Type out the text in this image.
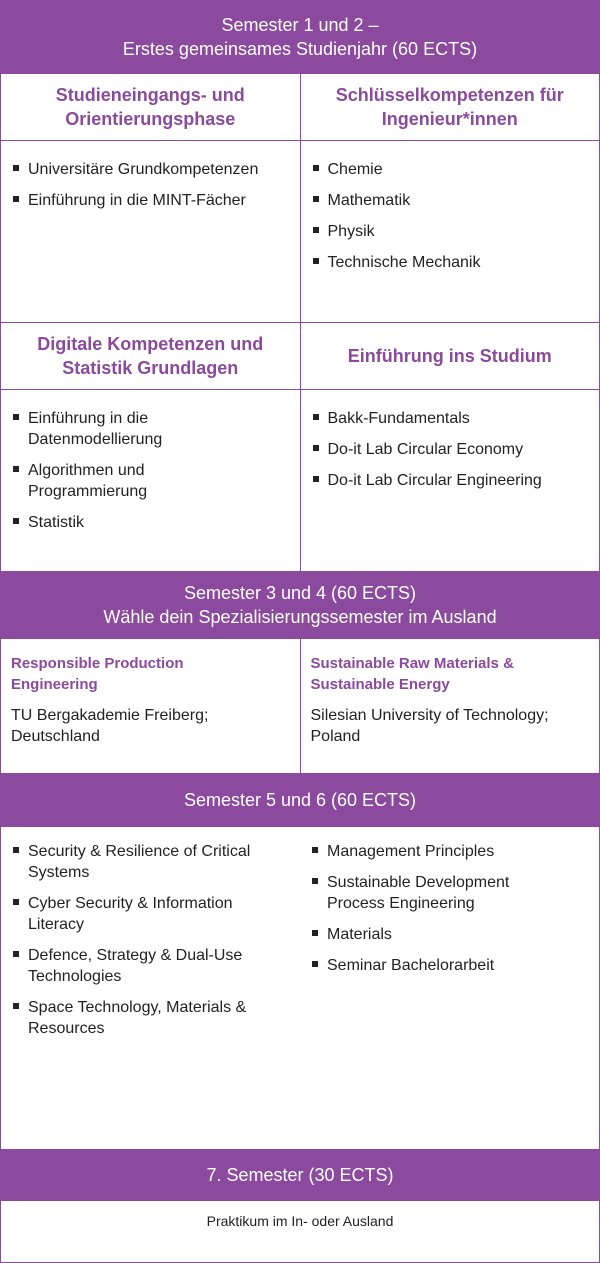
Semester 1 und 2 –
Erstes gemeinsames Studienjahr (60 ECTS)
Studieneingangs- und
Orientierungsphase
Schlüsselkompetenzen für
Ingenieur*innen
Universitäre Grundkompetenzen
Einführung in die MINT-Fächer
Chemie
Mathematik
Physik
Technische Mechanik
Digitale Kompetenzen und
Statistik Grundlagen
Einführung ins Studium
Einführung in die
Datenmodellierung
Algorithmen und
Programmierung
Statistik
Bakk-Fundamentals
Do-it Lab Circular Economy
Do-it Lab Circular Engineering
Semester 3 und 4 (60 ECTS)
Wähle dein Spezialisierungssemester im Ausland
Responsible Production
Engineering
TU Bergakademie Freiberg;
Deutschland
Sustainable Raw Materials &
Sustainable Energy
Silesian University of Technology;
Poland
Semester 5 und 6 (60 ECTS)
Security & Resilience of Critical
Systems
Cyber Security & Information
Literacy
Defence, Strategy & Dual-Use
Technologies
Space Technology, Materials &
Resources
Management Principles
Sustainable Development
Process Engineering
Materials
Seminar Bachelorarbeit
7. Semester (30 ECTS)
Praktikum im In- oder Ausland
